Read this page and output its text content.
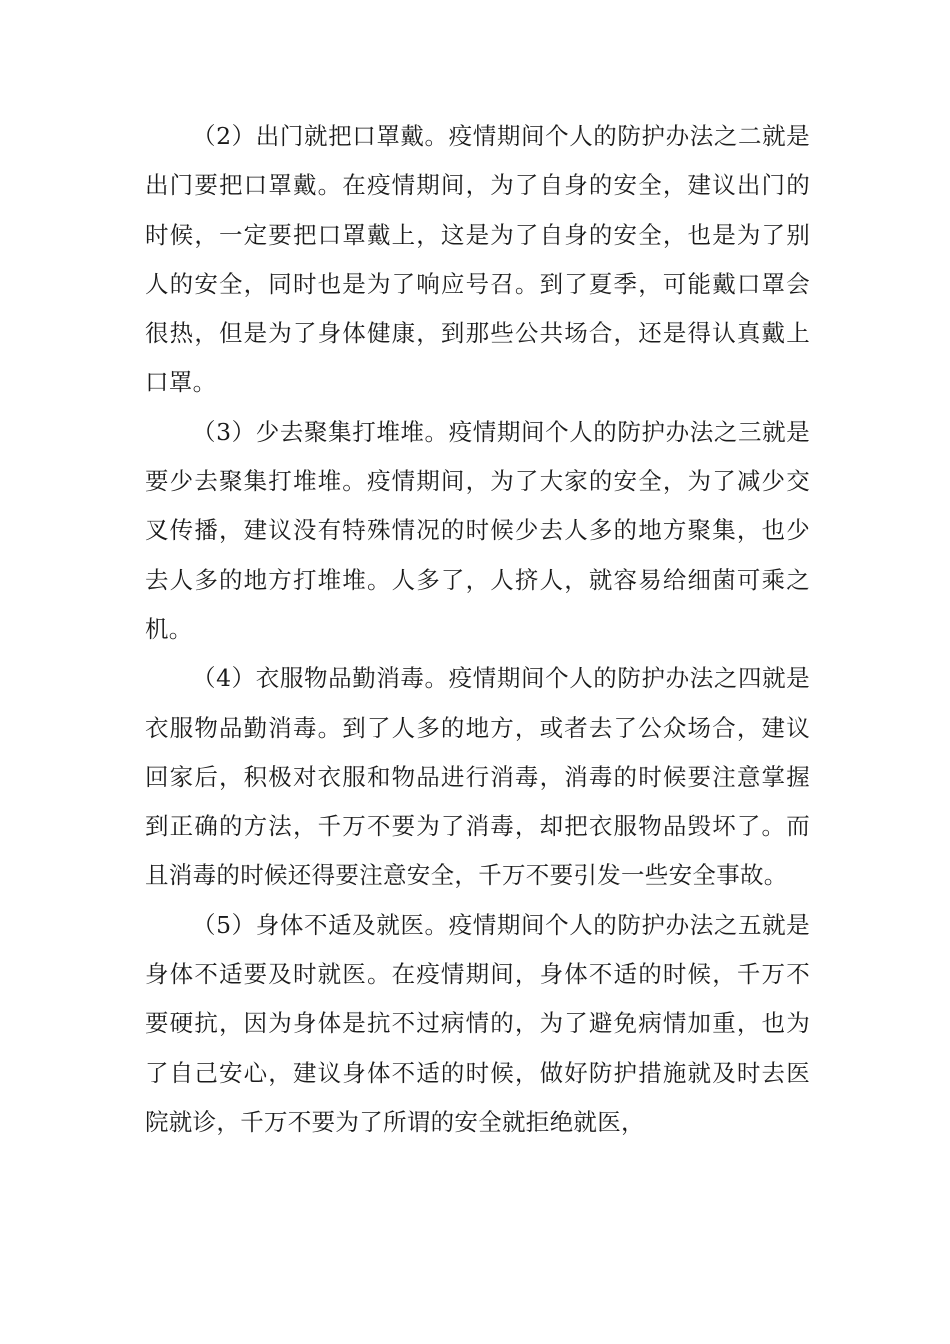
（2）出门就把口罩戴。疫情期间个人的防护办法之二就是出门要把口罩戴。在疫情期间，为了自身的安全，建议出门的时候，一定要把口罩戴上，这是为了自身的安全，也是为了别人的安全，同时也是为了响应号召。到了夏季，可能戴口罩会很热，但是为了身体健康，到那些公共场合，还是得认真戴上口罩。

（3）少去聚集打堆堆。疫情期间个人的防护办法之三就是要少去聚集打堆堆。疫情期间，为了大家的安全，为了减少交叉传播，建议没有特殊情况的时候少去人多的地方聚集，也少去人多的地方打堆堆。人多了，人挤人，就容易给细菌可乘之机。

（4）衣服物品勤消毒。疫情期间个人的防护办法之四就是衣服物品勤消毒。到了人多的地方，或者去了公众场合，建议回家后，积极对衣服和物品进行消毒，消毒的时候要注意掌握到正确的方法，千万不要为了消毒，却把衣服物品毁坏了。而且消毒的时候还得要注意安全，千万不要引发一些安全事故。

（5）身体不适及就医。疫情期间个人的防护办法之五就是身体不适要及时就医。在疫情期间，身体不适的时候，千万不要硬抗，因为身体是抗不过病情的，为了避免病情加重，也为了自己安心，建议身体不适的时候，做好防护措施就及时去医院就诊，千万不要为了所谓的安全就拒绝就医，
